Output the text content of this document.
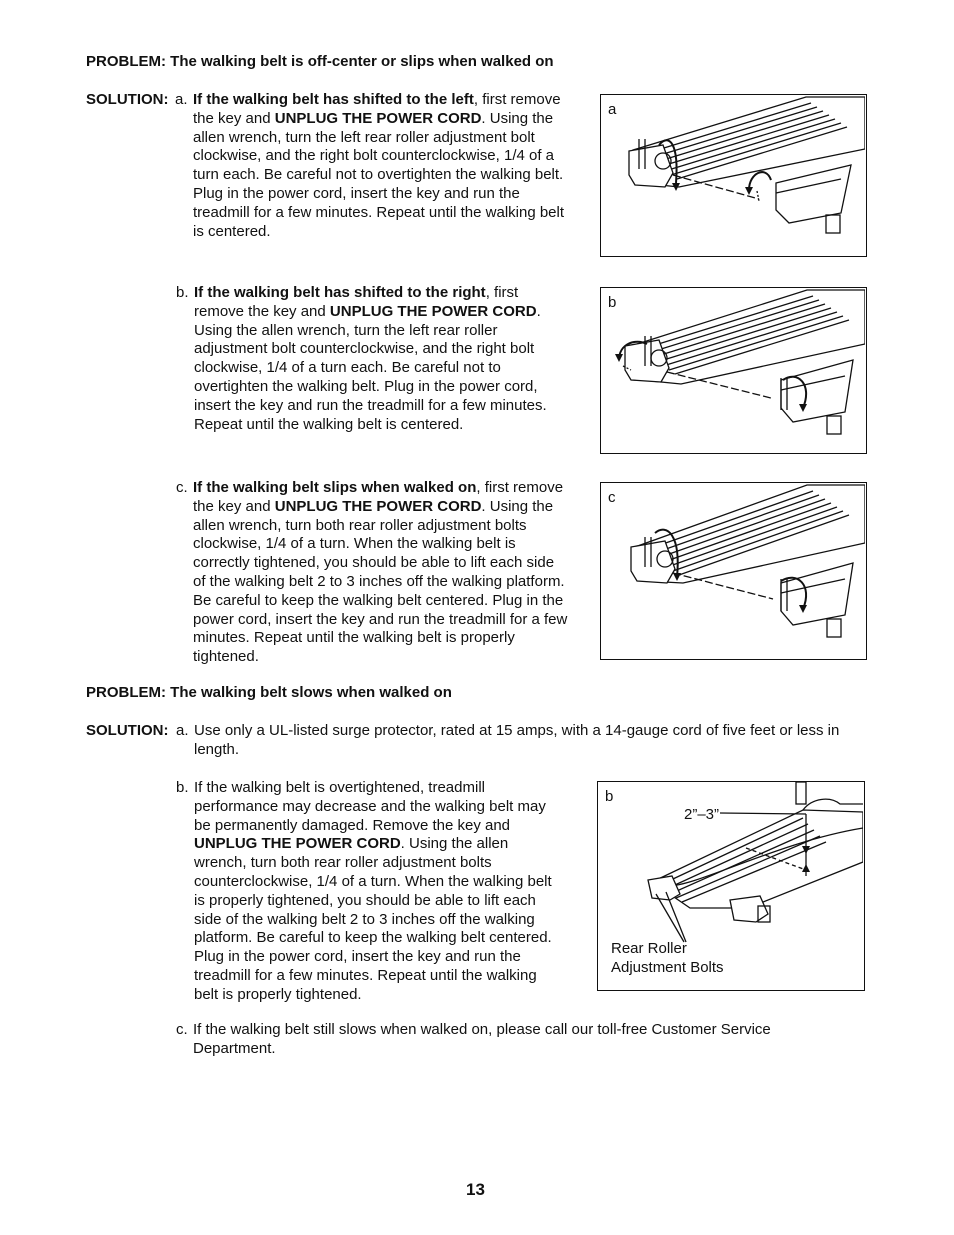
PROBLEM: The walking belt is off-center or slips when walked on
SOLUTION: a. If the walking belt has shifted to the left, first remove the key and UNPLUG THE POWER CORD. Using the allen wrench, turn the left rear roller adjustment bolt clockwise, and the right bolt counterclockwise, 1/4 of a turn each. Be careful not to overtighten the walking belt. Plug in the power cord, insert the key and run the treadmill for a few minutes. Repeat until the walking belt is centered.

b. If the walking belt has shifted to the right, first remove the key and UNPLUG THE POWER CORD. Using the allen wrench, turn the left rear roller adjustment bolt counterclockwise, and the right bolt clockwise, 1/4 of a turn each. Be careful not to overtighten the walking belt. Plug in the power cord, insert the key and run the treadmill for a few minutes. Repeat until the walking belt is centered.

c. If the walking belt slips when walked on, first remove the key and UNPLUG THE POWER CORD. Using the allen wrench, turn both rear roller adjustment bolts clockwise, 1/4 of a turn. When the walking belt is correctly tightened, you should be able to lift each side of the walking belt 2 to 3 inches off the walking platform. Be careful to keep the walking belt centered. Plug in the power cord, insert the key and run the treadmill for a few minutes. Repeat until the walking belt is properly tightened.

a
b
c
PROBLEM: The walking belt slows when walked on
SOLUTION: a. Use only a UL-listed surge protector, rated at 15 amps, with a 14-gauge cord of five feet or less in length.

b. If the walking belt is overtightened, treadmill performance may decrease and the walking belt may be permanently damaged. Remove the key and UNPLUG THE POWER CORD. Using the allen wrench, turn both rear roller adjustment bolts counterclockwise, 1/4 of a turn. When the walking belt is properly tightened, you should be able to lift each side of the walking belt 2 to 3 inches off the walking platform. Be careful to keep the walking belt centered. Plug in the power cord, insert the key and run the treadmill for a few minutes. Repeat until the walking belt is properly tightened.

b
2”–3”
Rear Roller
Adjustment Bolts
c. If the walking belt still slows when walked on, please call our toll-free Customer Service Department.

13
